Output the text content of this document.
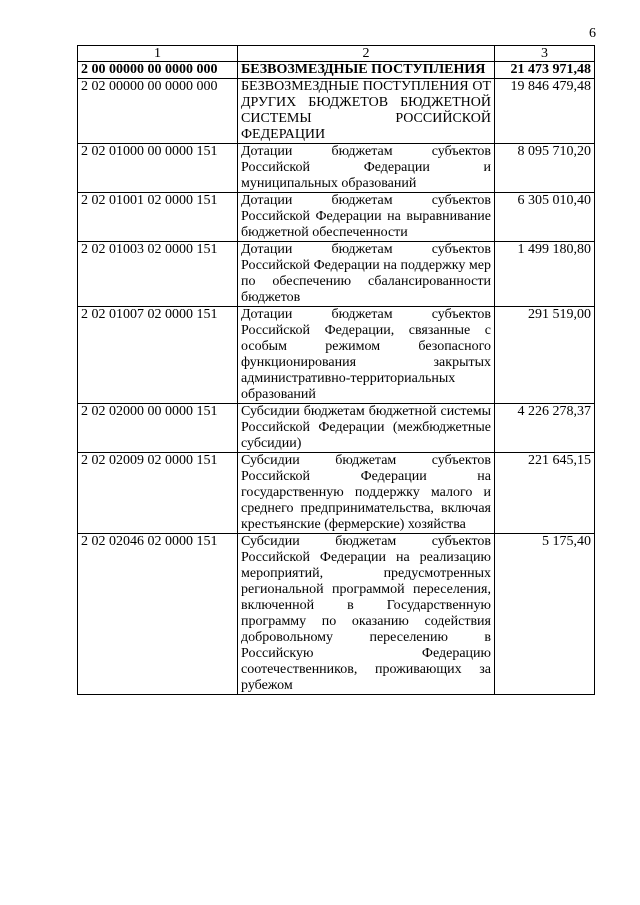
6
1	2	3
2 00 00000 00 0000 000	БЕЗВОЗМЕЗДНЫЕ ПОСТУПЛЕНИЯ	21 473 971,48
2 02 00000 00 0000 000	БЕЗВОЗМЕЗДНЫЕ ПОСТУПЛЕНИЯ ОТ ДРУГИХ БЮДЖЕТОВ БЮДЖЕТНОЙ СИСТЕМЫ РОССИЙСКОЙ ФЕДЕРАЦИИ	19 846 479,48
2 02 01000 00 0000 151	Дотации бюджетам субъектов Российской Федерации и муниципальных образований	8 095 710,20
2 02 01001 02 0000 151	Дотации бюджетам субъектов Российской Федерации на выравнивание бюджетной обеспеченности	6 305 010,40
2 02 01003 02 0000 151	Дотации бюджетам субъектов Российской Федерации на поддержку мер по обеспечению сбалансированности бюджетов	1 499 180,80
2 02 01007 02 0000 151	Дотации бюджетам субъектов Российской Федерации, связанные с особым режимом безопасного функционирования закрытых административно-территориальных образований	291 519,00
2 02 02000 00 0000 151	Субсидии бюджетам бюджетной системы Российской Федерации (межбюджетные субсидии)	4 226 278,37
2 02 02009 02 0000 151	Субсидии бюджетам субъектов Российской Федерации на государственную поддержку малого и среднего предпринимательства, включая крестьянские (фермерские) хозяйства	221 645,15
2 02 02046 02 0000 151	Субсидии бюджетам субъектов Российской Федерации на реализацию мероприятий, предусмотренных региональной программой переселения, включенной в Государственную программу по оказанию содействия добровольному переселению в Российскую Федерацию соотечественников, проживающих за рубежом	5 175,40
